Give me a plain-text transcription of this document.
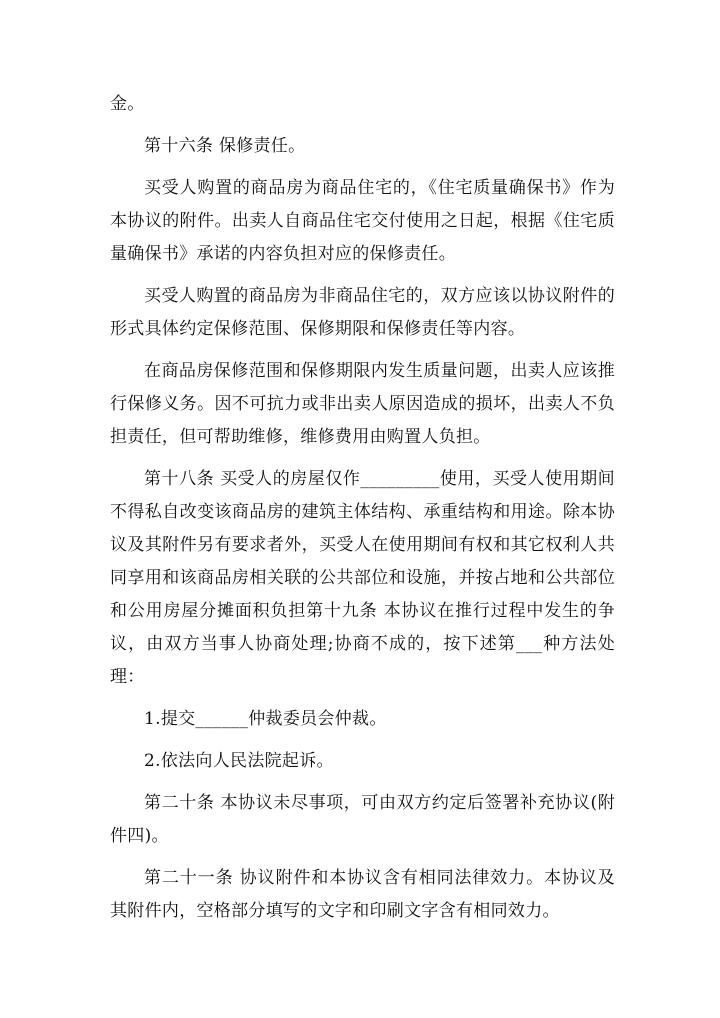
金。

第十六条 保修责任。

买受人购置的商品房为商品住宅的，《住宅质量确保书》作为本协议的附件。出卖人自商品住宅交付使用之日起，根据《住宅质量确保书》承诺的内容负担对应的保修责任。

买受人购置的商品房为非商品住宅的，双方应该以协议附件的形式具体约定保修范围、保修期限和保修责任等内容。

在商品房保修范围和保修期限内发生质量问题，出卖人应该推行保修义务。因不可抗力或非出卖人原因造成的损坏，出卖人不负担责任，但可帮助维修，维修费用由购置人负担。

第十八条 买受人的房屋仅作_________使用，买受人使用期间不得私自改变该商品房的建筑主体结构、承重结构和用途。除本协议及其附件另有要求者外，买受人在使用期间有权和其它权利人共同享用和该商品房相关联的公共部位和设施，并按占地和公共部位和公用房屋分摊面积负担第十九条 本协议在推行过程中发生的争议，由双方当事人协商处理;协商不成的，按下述第___种方法处理：

1.提交______仲裁委员会仲裁。

2.依法向人民法院起诉。

第二十条 本协议未尽事项，可由双方约定后签署补充协议(附件四)。

第二十一条 协议附件和本协议含有相同法律效力。本协议及其附件内，空格部分填写的文字和印刷文字含有相同效力。
